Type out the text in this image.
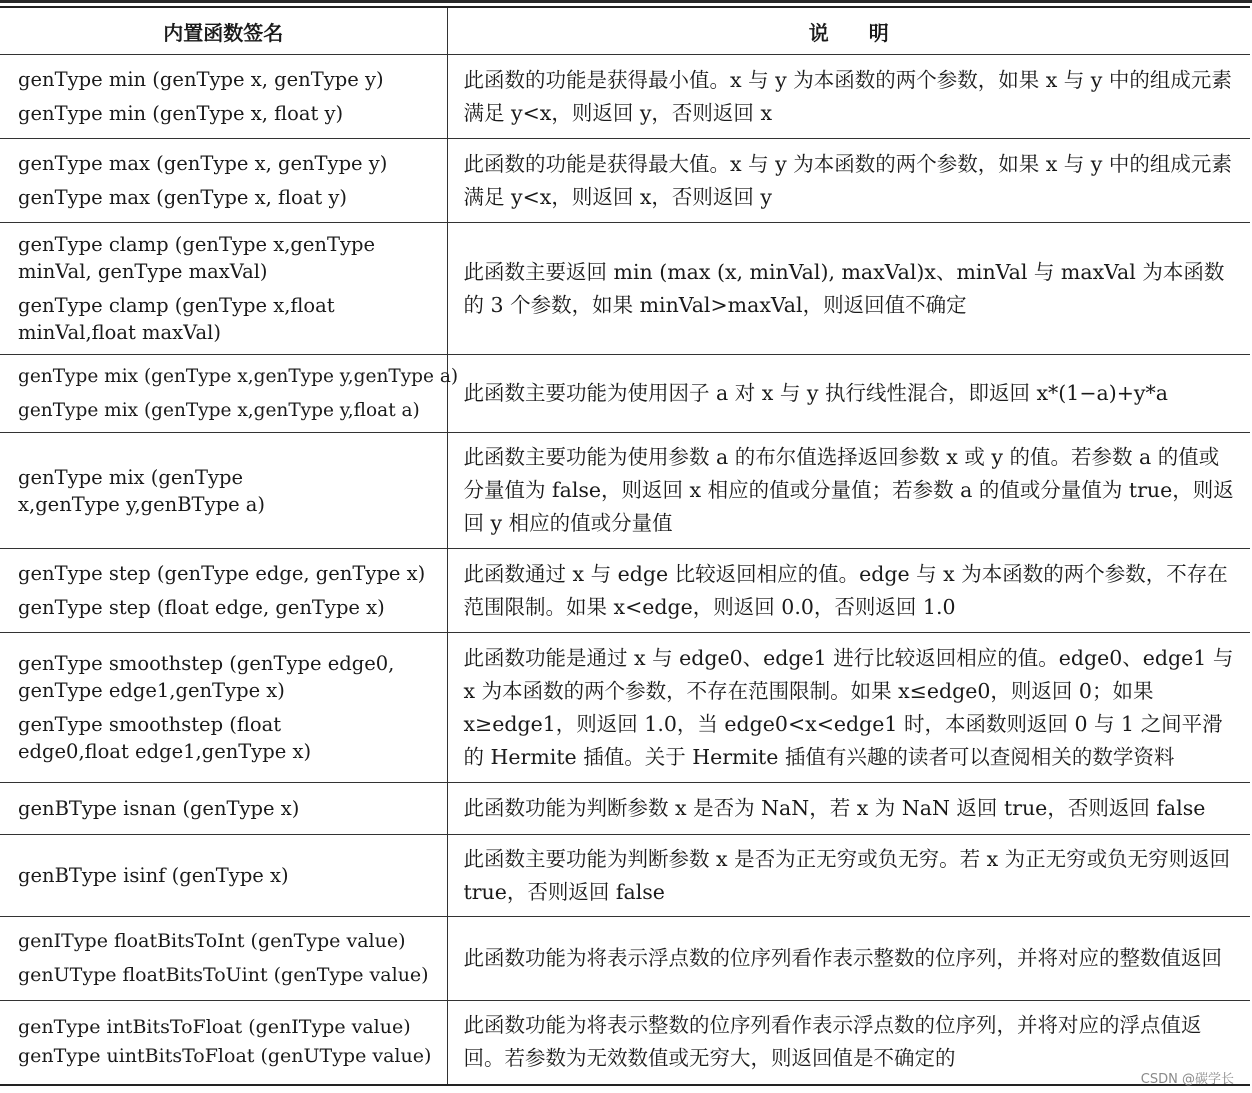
内置函数签名	说　　明

genType min (genType x, genType y)
genType min (genType x, float y)	此函数的功能是获得最小值。x 与 y 为本函数的两个参数，如果 x 与 y 中的组成元素满足 y<x，则返回 y，否则返回 x

genType max (genType x, genType y)
genType max (genType x, float y)	此函数的功能是获得最大值。x 与 y 为本函数的两个参数，如果 x 与 y 中的组成元素满足 y<x，则返回 x，否则返回 y

genType clamp (genType x,genType minVal, genType maxVal)
genType clamp (genType x,float minVal,float maxVal)	此函数主要返回 min (max (x, minVal), maxVal)x、minVal 与 maxVal 为本函数的 3 个参数，如果 minVal>maxVal，则返回值不确定

genType mix (genType x,genType y,genType a)
genType mix (genType x,genType y,float a)	此函数主要功能为使用因子 a 对 x 与 y 执行线性混合，即返回 x*(1−a)+y*a

genType mix (genType x,genType y,genBType a)	此函数主要功能为使用参数 a 的布尔值选择返回参数 x 或 y 的值。若参数 a 的值或分量值为 false，则返回 x 相应的值或分量值；若参数 a 的值或分量值为 true，则返回 y 相应的值或分量值

genType step (genType edge, genType x)
genType step (float edge, genType x)	此函数通过 x 与 edge 比较返回相应的值。edge 与 x 为本函数的两个参数，不存在范围限制。如果 x<edge，则返回 0.0，否则返回 1.0

genType smoothstep (genType edge0, genType edge1,genType x)
genType smoothstep (float edge0,float edge1,genType x)	此函数功能是通过 x 与 edge0、edge1 进行比较返回相应的值。edge0、edge1 与 x 为本函数的两个参数，不存在范围限制。如果 x≤edge0，则返回 0；如果 x≥edge1，则返回 1.0，当 edge0<x<edge1 时，本函数则返回 0 与 1 之间平滑的 Hermite 插值。关于 Hermite 插值有兴趣的读者可以查阅相关的数学资料

genBType isnan (genType x)	此函数功能为判断参数 x 是否为 NaN，若 x 为 NaN 返回 true，否则返回 false

genBType isinf (genType x)	此函数主要功能为判断参数 x 是否为正无穷或负无穷。若 x 为正无穷或负无穷则返回 true，否则返回 false

genIType floatBitsToInt (genType value)
genUType floatBitsToUint (genType value)	此函数功能为将表示浮点数的位序列看作表示整数的位序列，并将对应的整数值返回

genType intBitsToFloat (genIType value)
genType uintBitsToFloat (genUType value)	此函数功能为将表示整数的位序列看作表示浮点数的位序列，并将对应的浮点值返回。若参数为无效数值或无穷大，则返回值是不确定的
CSDN @碳学长
